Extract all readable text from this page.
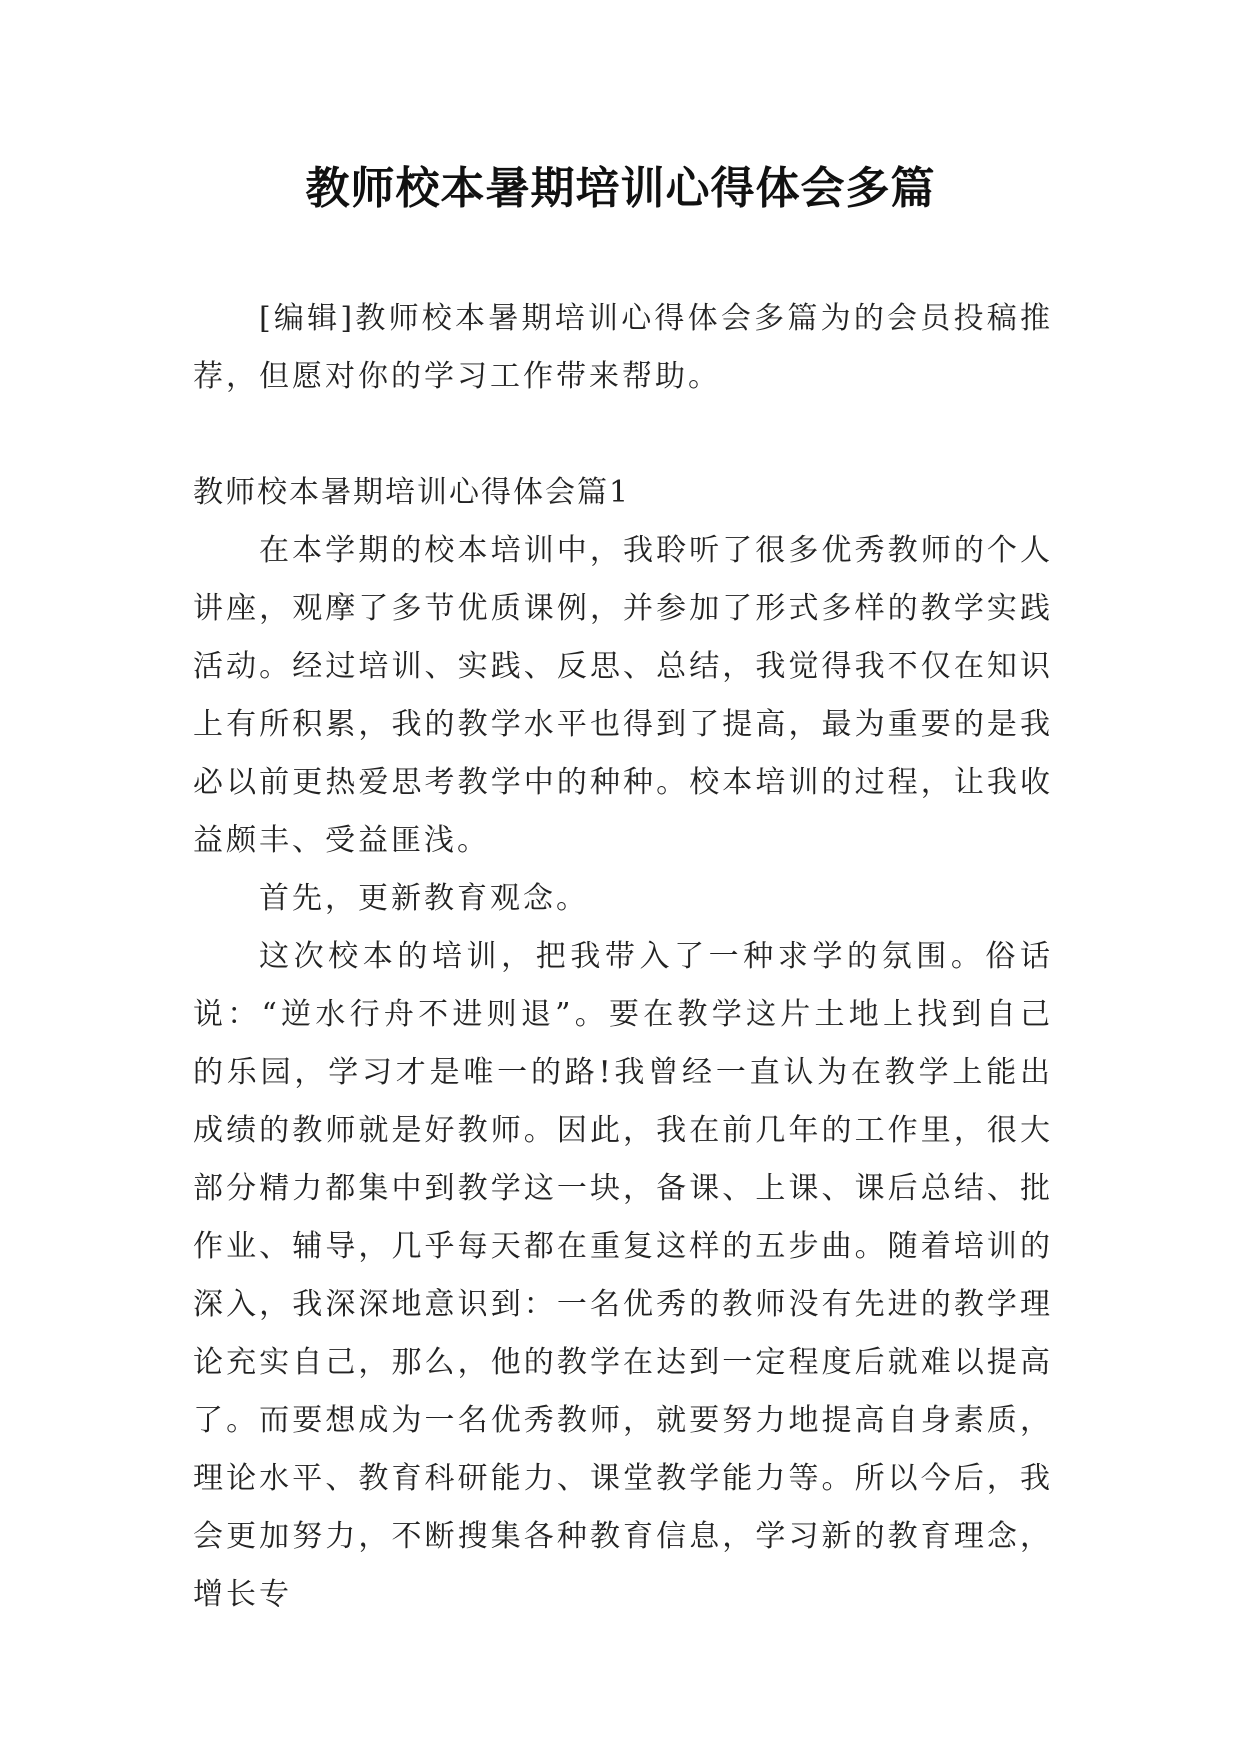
教师校本暑期培训心得体会多篇

[编辑]教师校本暑期培训心得体会多篇为的会员投稿推荐，但愿对你的学习工作带来帮助。

教师校本暑期培训心得体会篇1

在本学期的校本培训中，我聆听了很多优秀教师的个人讲座，观摩了多节优质课例，并参加了形式多样的教学实践活动。经过培训、实践、反思、总结，我觉得我不仅在知识上有所积累，我的教学水平也得到了提高，最为重要的是我必以前更热爱思考教学中的种种。校本培训的过程，让我收益颇丰、受益匪浅。

首先，更新教育观念。

这次校本的培训，把我带入了一种求学的氛围。俗话说：“逆水行舟不进则退”。要在教学这片土地上找到自己的乐园，学习才是唯一的路!我曾经一直认为在教学上能出成绩的教师就是好教师。因此，我在前几年的工作里，很大部分精力都集中到教学这一块，备课、上课、课后总结、批作业、辅导，几乎每天都在重复这样的五步曲。随着培训的深入，我深深地意识到：一名优秀的教师没有先进的教学理论充实自己，那么，他的教学在达到一定程度后就难以提高了。而要想成为一名优秀教师，就要努力地提高自身素质，理论水平、教育科研能力、课堂教学能力等。所以今后，我会更加努力，不断搜集各种教育信息，学习新的教育理念，增长专
